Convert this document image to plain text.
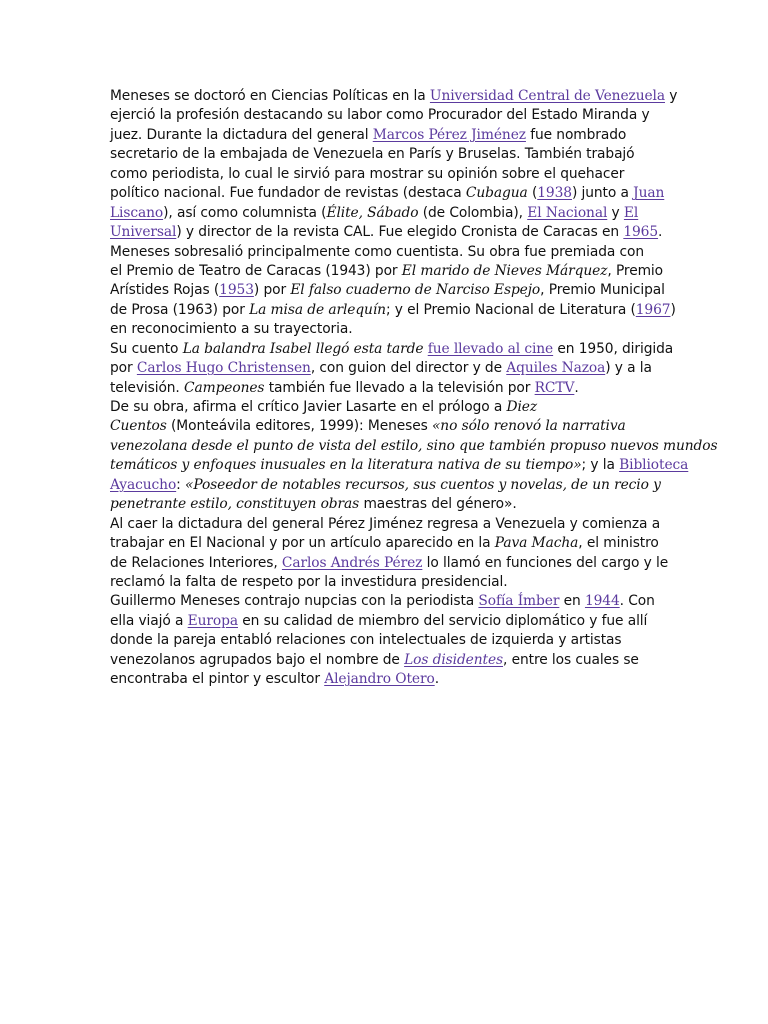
Meneses se doctoró en Ciencias Políticas en la Universidad Central de Venezuela y
ejerció la profesión destacando su labor como Procurador del Estado Miranda y
juez. Durante la dictadura del general Marcos Pérez Jiménez fue nombrado
secretario de la embajada de Venezuela en París y Bruselas. También trabajó
como periodista, lo cual le sirvió para mostrar su opinión sobre el quehacer
político nacional. Fue fundador de revistas (destaca Cubagua (1938) junto a Juan
Liscano), así como columnista (Élite, Sábado (de Colombia), El Nacional y El
Universal) y director de la revista CAL. Fue elegido Cronista de Caracas en 1965.
Meneses sobresalió principalmente como cuentista. Su obra fue premiada con
el Premio de Teatro de Caracas (1943) por El marido de Nieves Márquez, Premio
Arístides Rojas (1953) por El falso cuaderno de Narciso Espejo, Premio Municipal
de Prosa (1963) por La misa de arlequín; y el Premio Nacional de Literatura (1967)
en reconocimiento a su trayectoria.
Su cuento La balandra Isabel llegó esta tarde fue llevado al cine en 1950, dirigida
por Carlos Hugo Christensen, con guion del director y de Aquiles Nazoa) y a la
televisión. Campeones también fue llevado a la televisión por RCTV.
De su obra, afirma el crítico Javier Lasarte en el prólogo a Diez
Cuentos (Monteávila editores, 1999): Meneses «no sólo renovó la narrativa
venezolana desde el punto de vista del estilo, sino que también propuso nuevos mundos
temáticos y enfoques inusuales en la literatura nativa de su tiempo»; y la Biblioteca
Ayacucho: «Poseedor de notables recursos, sus cuentos y novelas, de un recio y
penetrante estilo, constituyen obras maestras del género».
Al caer la dictadura del general Pérez Jiménez regresa a Venezuela y comienza a
trabajar en El Nacional y por un artículo aparecido en la Pava Macha, el ministro
de Relaciones Interiores, Carlos Andrés Pérez lo llamó en funciones del cargo y le
reclamó la falta de respeto por la investidura presidencial.
Guillermo Meneses contrajo nupcias con la periodista Sofía Ímber en 1944. Con
ella viajó a Europa en su calidad de miembro del servicio diplomático y fue allí
donde la pareja entabló relaciones con intelectuales de izquierda y artistas
venezolanos agrupados bajo el nombre de Los disidentes, entre los cuales se
encontraba el pintor y escultor Alejandro Otero.
